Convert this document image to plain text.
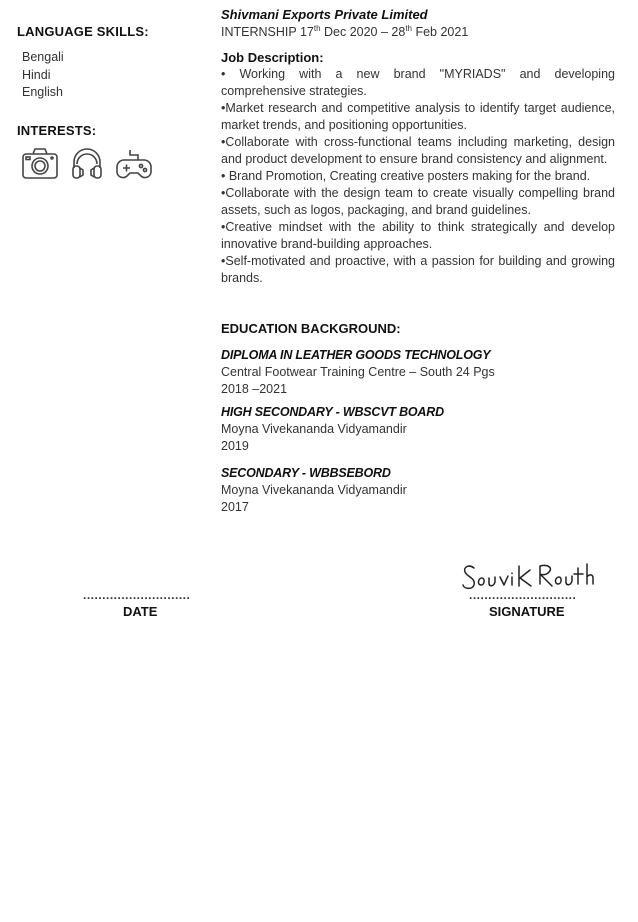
LANGUAGE SKILLS:
Bengali
Hindi
English
INTERESTS:
Shivmani Exports Private Limited
INTERNSHIP 17th Dec 2020 – 28th Feb 2021
Job Description:
• Working with a new brand "MYRIADS" and developing comprehensive strategies.
•Market research and competitive analysis to identify target audience, market trends, and positioning opportunities.
•Collaborate with cross-functional teams including marketing, design and product development to ensure brand consistency and alignment.
• Brand Promotion, Creating creative posters making for the brand.
•Collaborate with the design team to create visually compelling brand assets, such as logos, packaging, and brand guidelines.
•Creative mindset with the ability to think strategically and develop innovative brand-building approaches.
•Self-motivated and proactive, with a passion for building and growing brands.
EDUCATION BACKGROUND:
DIPLOMA IN LEATHER GOODS TECHNOLOGY
Central Footwear Training Centre – South 24 Pgs
2018 –2021
HIGH SECONDARY - WBSCVT BOARD
Moyna Vivekananda Vidyamandir
2019
SECONDARY - WBBSEBORD
Moyna Vivekananda Vidyamandir
2017
............................
DATE
............................
SIGNATURE
